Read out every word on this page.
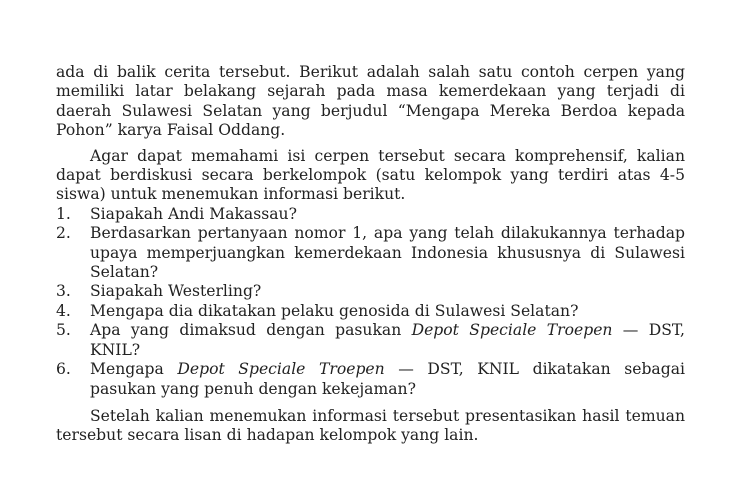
ada di balik cerita tersebut. Berikut adalah salah satu contoh cerpen yang memiliki latar belakang sejarah pada masa kemerdekaan yang terjadi di daerah Sulawesi Selatan yang berjudul “Mengapa Mereka Berdoa kepada Pohon” karya Faisal Oddang.

Agar dapat memahami isi cerpen tersebut secara komprehensif, kalian dapat berdiskusi secara berkelompok (satu kelompok yang terdiri atas 4-5 siswa) untuk menemukan informasi berikut.

1.	Siapakah Andi Makassau?
2.	Berdasarkan pertanyaan nomor 1, apa yang telah dilakukannya terhadap upaya memperjuangkan kemerdekaan Indonesia khususnya di Sulawesi Selatan?
3.	Siapakah Westerling?
4.	Mengapa dia dikatakan pelaku genosida di Sulawesi Selatan?
5.	Apa yang dimaksud dengan pasukan Depot Speciale Troepen — DST, KNIL?
6.	Mengapa Depot Speciale Troepen — DST, KNIL dikatakan sebagai pasukan yang penuh dengan kekejaman?

Setelah kalian menemukan informasi tersebut presentasikan hasil temuan tersebut secara lisan di hadapan kelompok yang lain.
